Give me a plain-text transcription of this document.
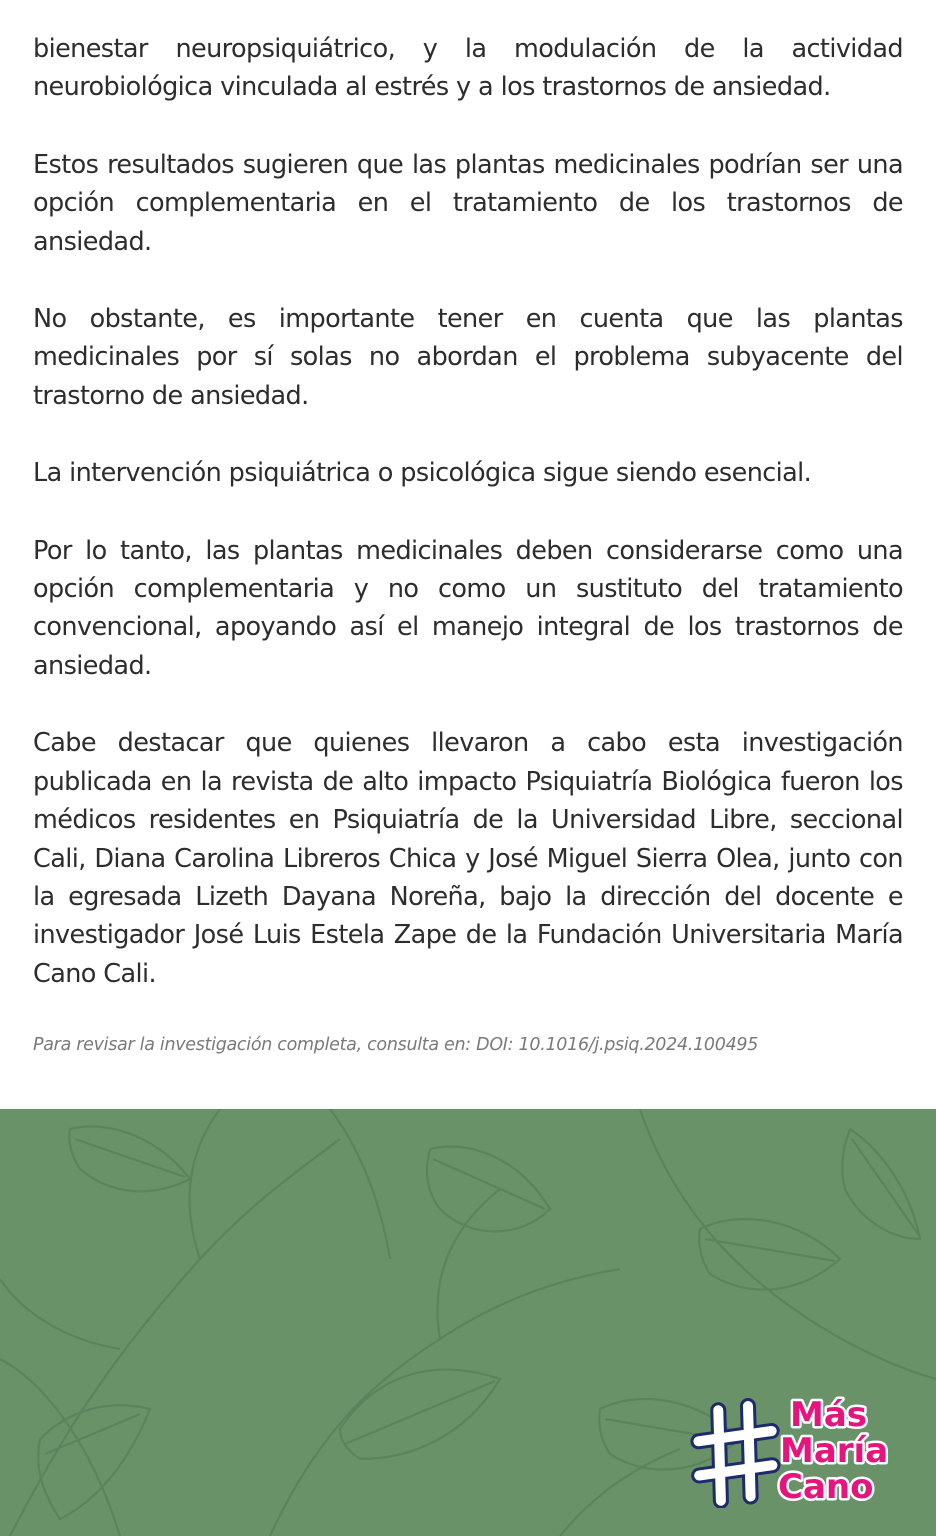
bienestar neuropsiquiátrico, y la modulación de la actividad neurobiológica vinculada al estrés y a los trastornos de ansiedad.

Estos resultados sugieren que las plantas medicinales podrían ser una opción complementaria en el tratamiento de los trastornos de ansiedad.

No obstante, es importante tener en cuenta que las plantas medicinales por sí solas no abordan el problema subyacente del trastorno de ansiedad.

La intervención psiquiátrica o psicológica sigue siendo esencial.

Por lo tanto, las plantas medicinales deben considerarse como una opción complementaria y no como un sustituto del tratamiento convencional, apoyando así el manejo integral de los trastornos de ansiedad.

Cabe destacar que quienes llevaron a cabo esta investigación publicada en la revista de alto impacto Psiquiatría Biológica fueron los médicos residentes en Psiquiatría de la Universidad Libre, seccional Cali, Diana Carolina Libreros Chica y José Miguel Sierra Olea, junto con la egresada Lizeth Dayana Noreña, bajo la dirección del docente e investigador José Luis Estela Zape de la Fundación Universitaria María Cano Cali.

Para revisar la investigación completa, consulta en: DOI: 10.1016/j.psiq.2024.100495

Más
María
Cano
